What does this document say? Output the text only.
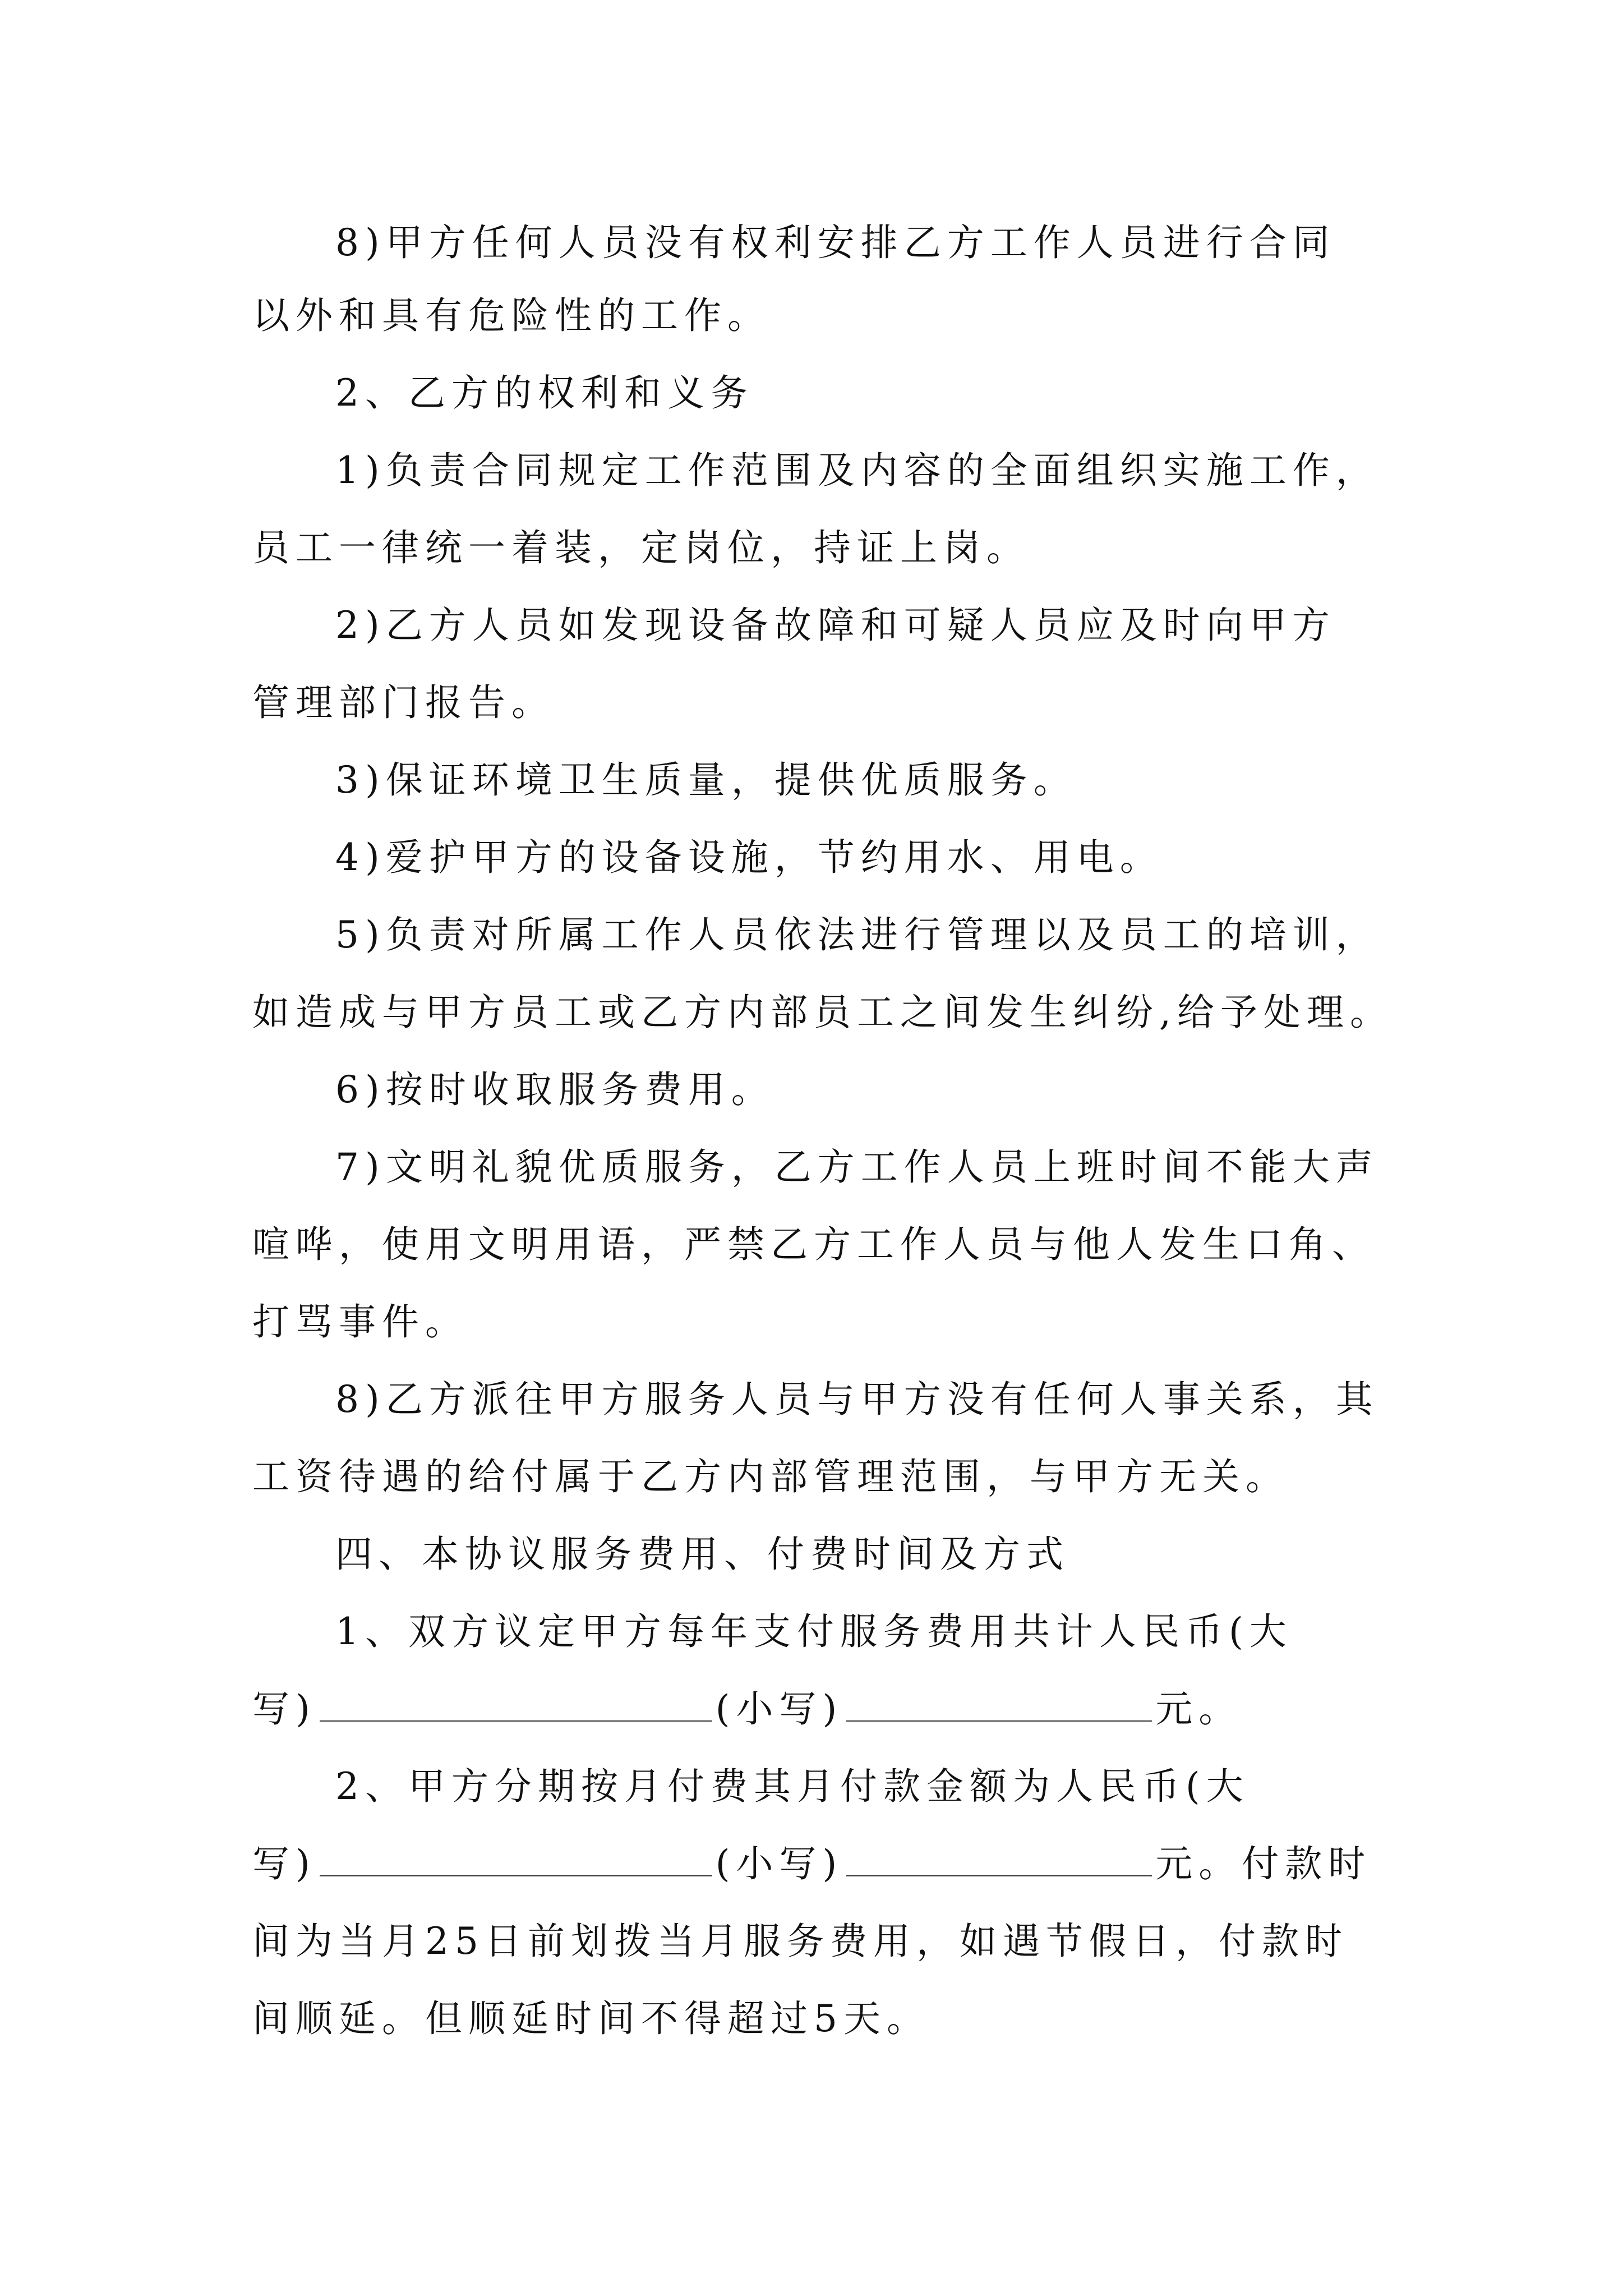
8)甲方任何人员没有权利安排乙方工作人员进行合同

以外和具有危险性的工作。

2、乙方的权利和义务

1)负责合同规定工作范围及内容的全面组织实施工作，

员工一律统一着装，定岗位，持证上岗。

2)乙方人员如发现设备故障和可疑人员应及时向甲方

管理部门报告。

3)保证环境卫生质量，提供优质服务。

4)爱护甲方的设备设施，节约用水、用电。

5)负责对所属工作人员依法进行管理以及员工的培训，

如造成与甲方员工或乙方内部员工之间发生纠纷,给予处理。

6)按时收取服务费用。

7)文明礼貌优质服务，乙方工作人员上班时间不能大声

喧哗，使用文明用语，严禁乙方工作人员与他人发生口角、

打骂事件。

8)乙方派往甲方服务人员与甲方没有任何人事关系，其

工资待遇的给付属于乙方内部管理范围，与甲方无关。

四、本协议服务费用、付费时间及方式

1、双方议定甲方每年支付服务费用共计人民币(大

写)	(小写)	元。

2、甲方分期按月付费其月付款金额为人民币(大

写)	(小写)	元。付款时

间为当月25日前划拨当月服务费用，如遇节假日，付款时

间顺延。但顺延时间不得超过5天。
